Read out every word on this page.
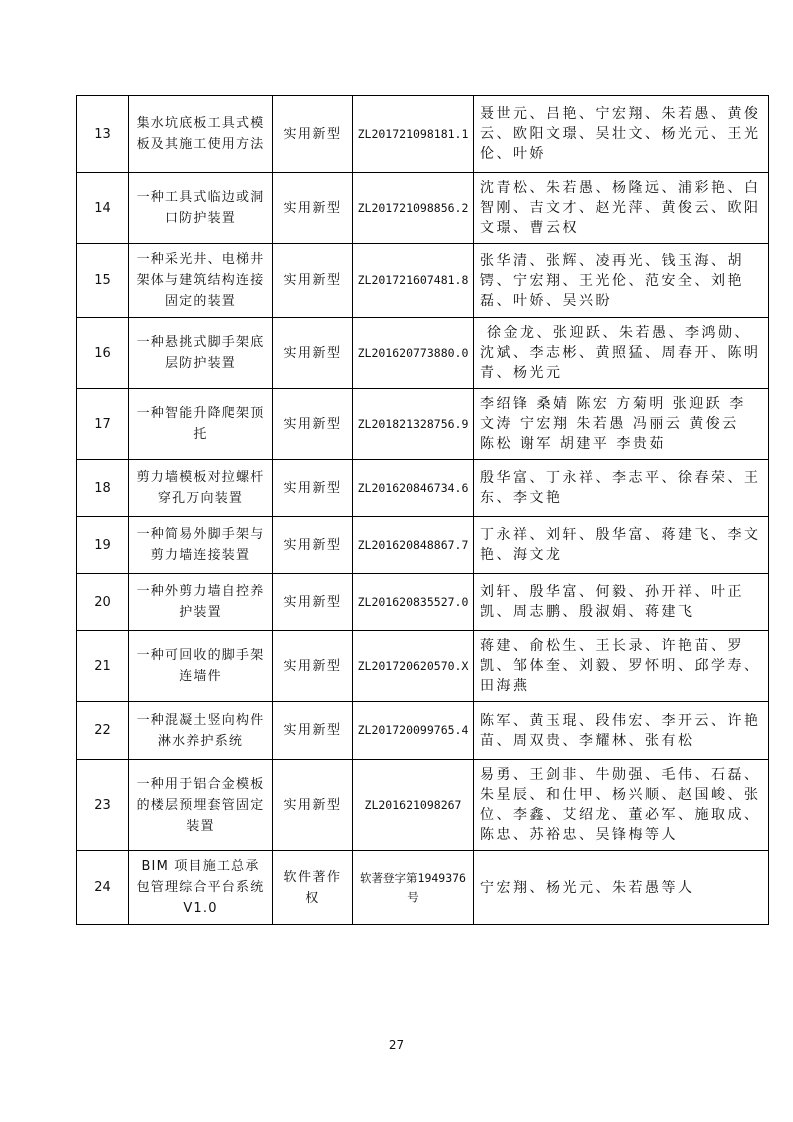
13	集水坑底板工具式模板及其施工使用方法	实用新型	ZL201721098181.1	聂世元、吕艳、宁宏翔、朱若愚、黄俊云、欧阳文璟、吴壮文、杨光元、王光伦、叶娇
14	一种工具式临边或洞口防护装置	实用新型	ZL201721098856.2	沈青松、朱若愚、杨隆远、浦彩艳、白智刚、吉文才、赵光萍、黄俊云、欧阳文璟、曹云权
15	一种采光井、电梯井架体与建筑结构连接固定的装置	实用新型	ZL201721607481.8	张华清、张辉、凌再光、钱玉海、胡锷、宁宏翔、王光伦、范安全、刘艳磊、叶娇、吴兴盼
16	一种悬挑式脚手架底层防护装置	实用新型	ZL201620773880.0	徐金龙、张迎跃、朱若愚、李鸿勋、沈斌、李志彬、黄照猛、周春开、陈明青、杨光元
17	一种智能升降爬架顶托	实用新型	ZL201821328756.9	李绍锋 桑婧 陈宏 方菊明 张迎跃 李文涛 宁宏翔 朱若愚 冯丽云 黄俊云 陈松 谢军 胡建平 李贵茹
18	剪力墙模板对拉螺杆穿孔万向装置	实用新型	ZL201620846734.6	殷华富、丁永祥、李志平、徐春荣、王东、李文艳
19	一种简易外脚手架与剪力墙连接装置	实用新型	ZL201620848867.7	丁永祥、刘轩、殷华富、蒋建飞、李文艳、海文龙
20	一种外剪力墙自控养护装置	实用新型	ZL201620835527.0	刘轩、殷华富、何毅、孙开祥、叶正凯、周志鹏、殷淑娟、蒋建飞
21	一种可回收的脚手架连墙件	实用新型	ZL201720620570.X	蒋建、俞松生、王长录、许艳苗、罗凯、邹体奎、刘毅、罗怀明、邱学寿、田海燕
22	一种混凝土竖向构件淋水养护系统	实用新型	ZL201720099765.4	陈军、黄玉琨、段伟宏、李开云、许艳苗、周双贵、李耀林、张有松
23	一种用于铝合金模板的楼层预埋套管固定装置	实用新型	ZL201621098267	易勇、王剑非、牛勋强、毛伟、石磊、朱星辰、和仕甲、杨兴顺、赵国峻、张位、李鑫、艾绍龙、董必军、施取成、陈忠、苏裕忠、吴锋梅等人
24	BIM 项目施工总承包管理综合平台系统 V1.0	软件著作权	软著登字第1949376 号	宁宏翔、杨光元、朱若愚等人
27
